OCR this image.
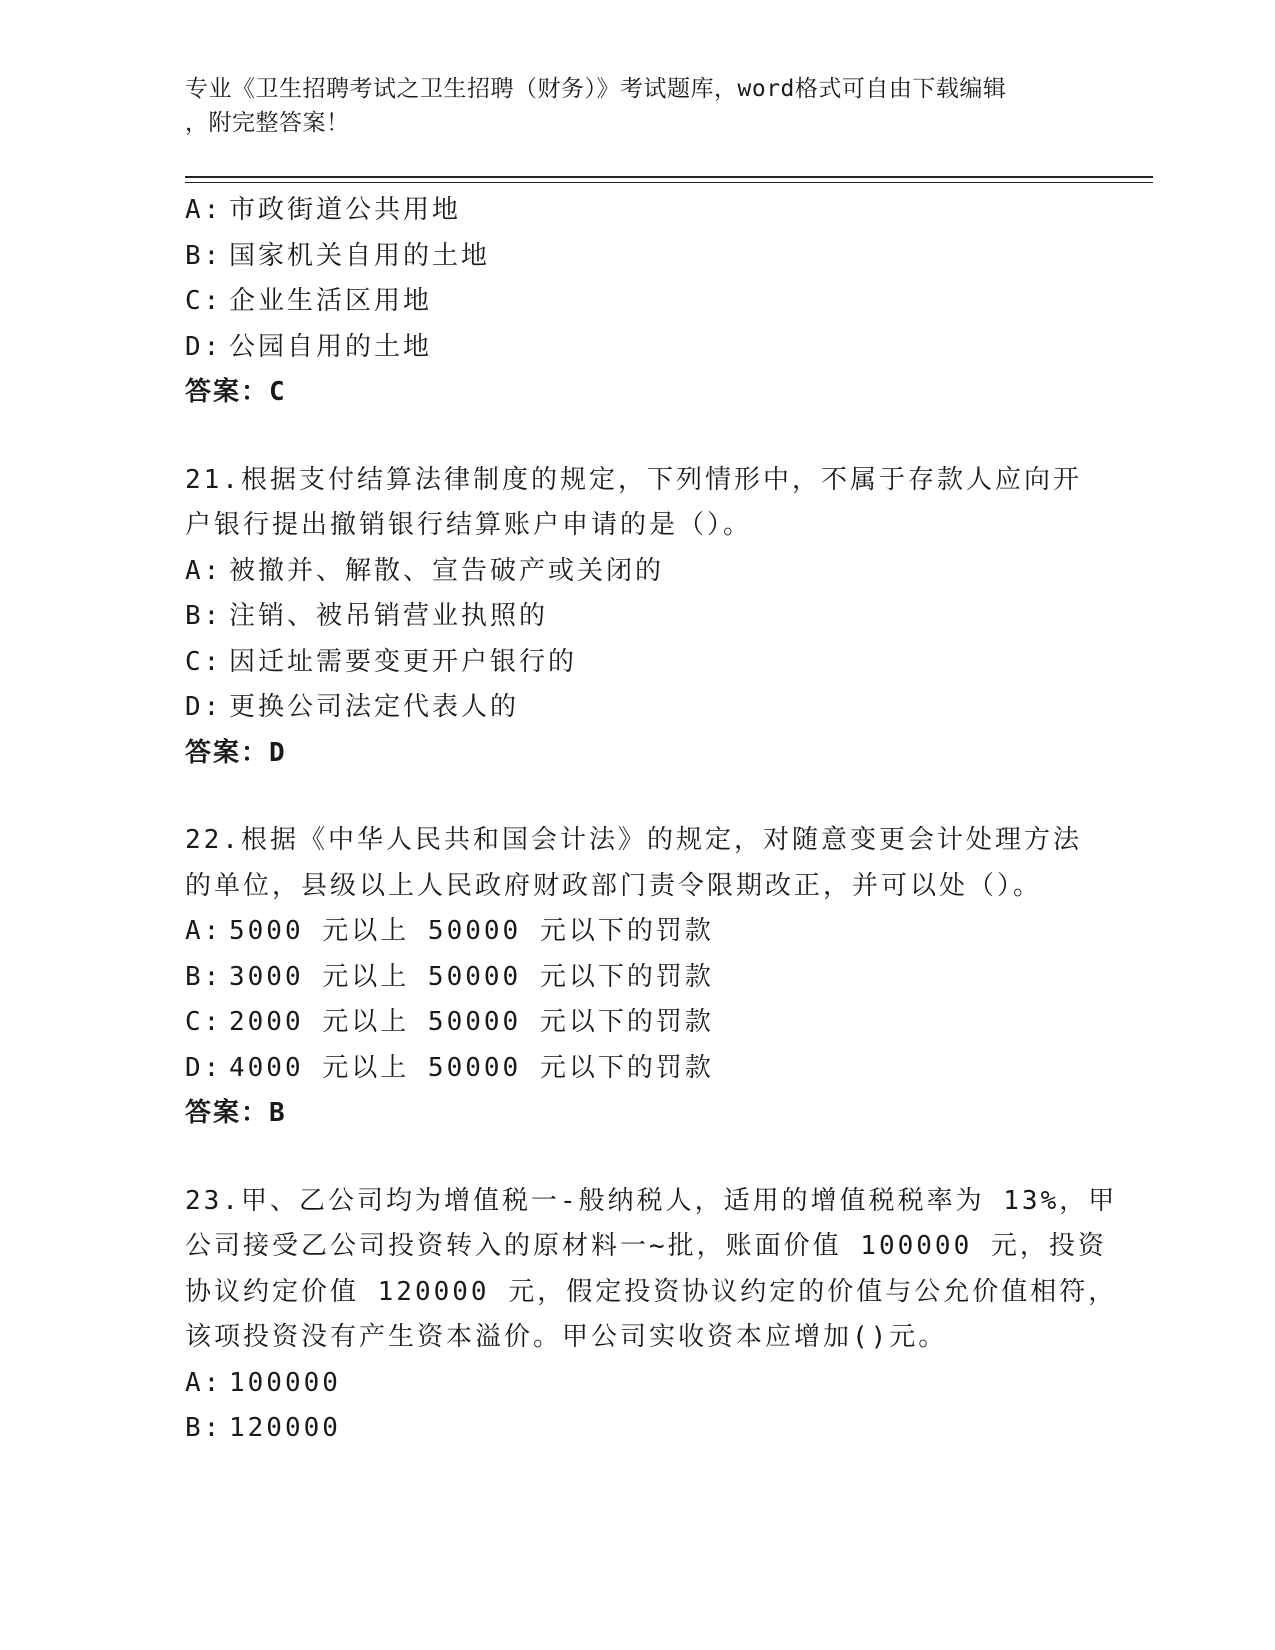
专业《卫生招聘考试之卫生招聘（财务）》考试题库，word格式可自由下载编辑
，附完整答案！
A: 市政街道公共用地
B: 国家机关自用的土地
C: 企业生活区用地
D: 公园自用的土地
答案：C
21.根据支付结算法律制度的规定，下列情形中，不属于存款人应向开
户银行提出撤销银行结算账户申请的是（）。
A: 被撤并、解散、宣告破产或关闭的
B: 注销、被吊销营业执照的
C: 因迁址需要变更开户银行的
D: 更换公司法定代表人的
答案：D
22.根据《中华人民共和国会计法》的规定，对随意变更会计处理方法
的单位，县级以上人民政府财政部门责令限期改正，并可以处（）。
A: 5000 元以上 50000 元以下的罚款
B: 3000 元以上 50000 元以下的罚款
C: 2000 元以上 50000 元以下的罚款
D: 4000 元以上 50000 元以下的罚款
答案：B
23.甲、乙公司均为增值税一-般纳税人，适用的增值税税率为 13%，甲
公司接受乙公司投资转入的原材料一~批，账面价值 100000 元，投资
协议约定价值 120000 元，假定投资协议约定的价值与公允价值相符，
该项投资没有产生资本溢价。甲公司实收资本应增加()元。
A: 100000
B: 120000
